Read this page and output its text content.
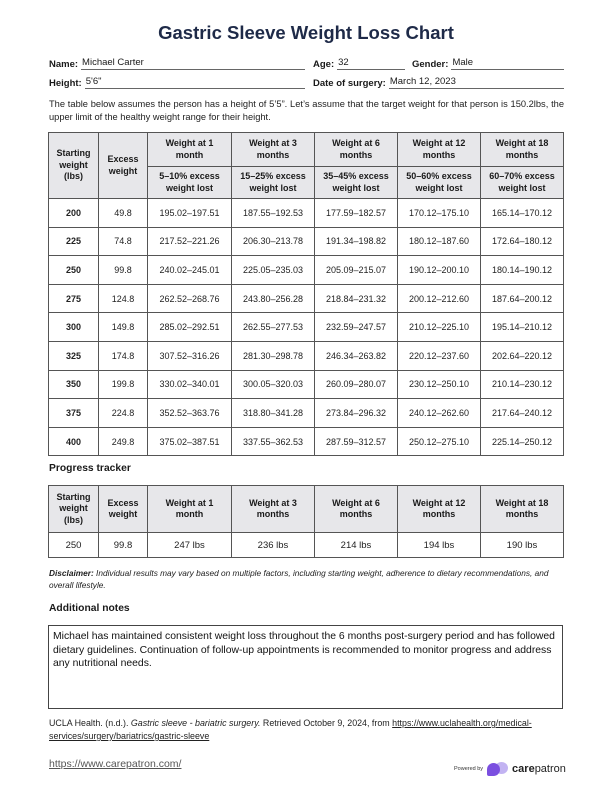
Gastric Sleeve Weight Loss Chart
Name: Michael Carter	Age: 32	Gender: Male
Height: 5'6"	Date of surgery: March 12, 2023

The table below assumes the person has a height of 5’5”. Let’s assume that the target weight for that person is 150.2lbs, the upper limit of the healthy weight range for their height.

Starting weight (lbs)	Excess weight	Weight at 1 month	Weight at 3 months	Weight at 6 months	Weight at 12 months	Weight at 18 months
		5–10% excess weight lost	15–25% excess weight lost	35–45% excess weight lost	50–60% excess weight lost	60–70% excess weight lost
200	49.8	195.02–197.51	187.55–192.53	177.59–182.57	170.12–175.10	165.14–170.12
225	74.8	217.52–221.26	206.30–213.78	191.34–198.82	180.12–187.60	172.64–180.12
250	99.8	240.02–245.01	225.05–235.03	205.09–215.07	190.12–200.10	180.14–190.12
275	124.8	262.52–268.76	243.80–256.28	218.84–231.32	200.12–212.60	187.64–200.12
300	149.8	285.02–292.51	262.55–277.53	232.59–247.57	210.12–225.10	195.14–210.12
325	174.8	307.52–316.26	281.30–298.78	246.34–263.82	220.12–237.60	202.64–220.12
350	199.8	330.02–340.01	300.05–320.03	260.09–280.07	230.12–250.10	210.14–230.12
375	224.8	352.52–363.76	318.80–341.28	273.84–296.32	240.12–262.60	217.64–240.12
400	249.8	375.02–387.51	337.55–362.53	287.59–312.57	250.12–275.10	225.14–250.12
Progress tracker
Starting weight (lbs)	Excess weight	Weight at 1 month	Weight at 3 months	Weight at 6 months	Weight at 12 months	Weight at 18 months
250	99.8	247 lbs	236 lbs	214 lbs	194 lbs	190 lbs

Disclaimer: Individual results may vary based on multiple factors, including starting weight, adherence to dietary recommendations, and overall lifestyle.

Additional notes
Michael has maintained consistent weight loss throughout the 6 months post-surgery period and has followed dietary guidelines. Continuation of follow-up appointments is recommended to monitor progress and address any nutritional needs.

UCLA Health. (n.d.). Gastric sleeve - bariatric surgery. Retrieved October 9, 2024, from https://www.uclahealth.org/medical-services/surgery/bariatrics/gastric-sleeve

https://www.carepatron.com/	Powered by	carepatron
